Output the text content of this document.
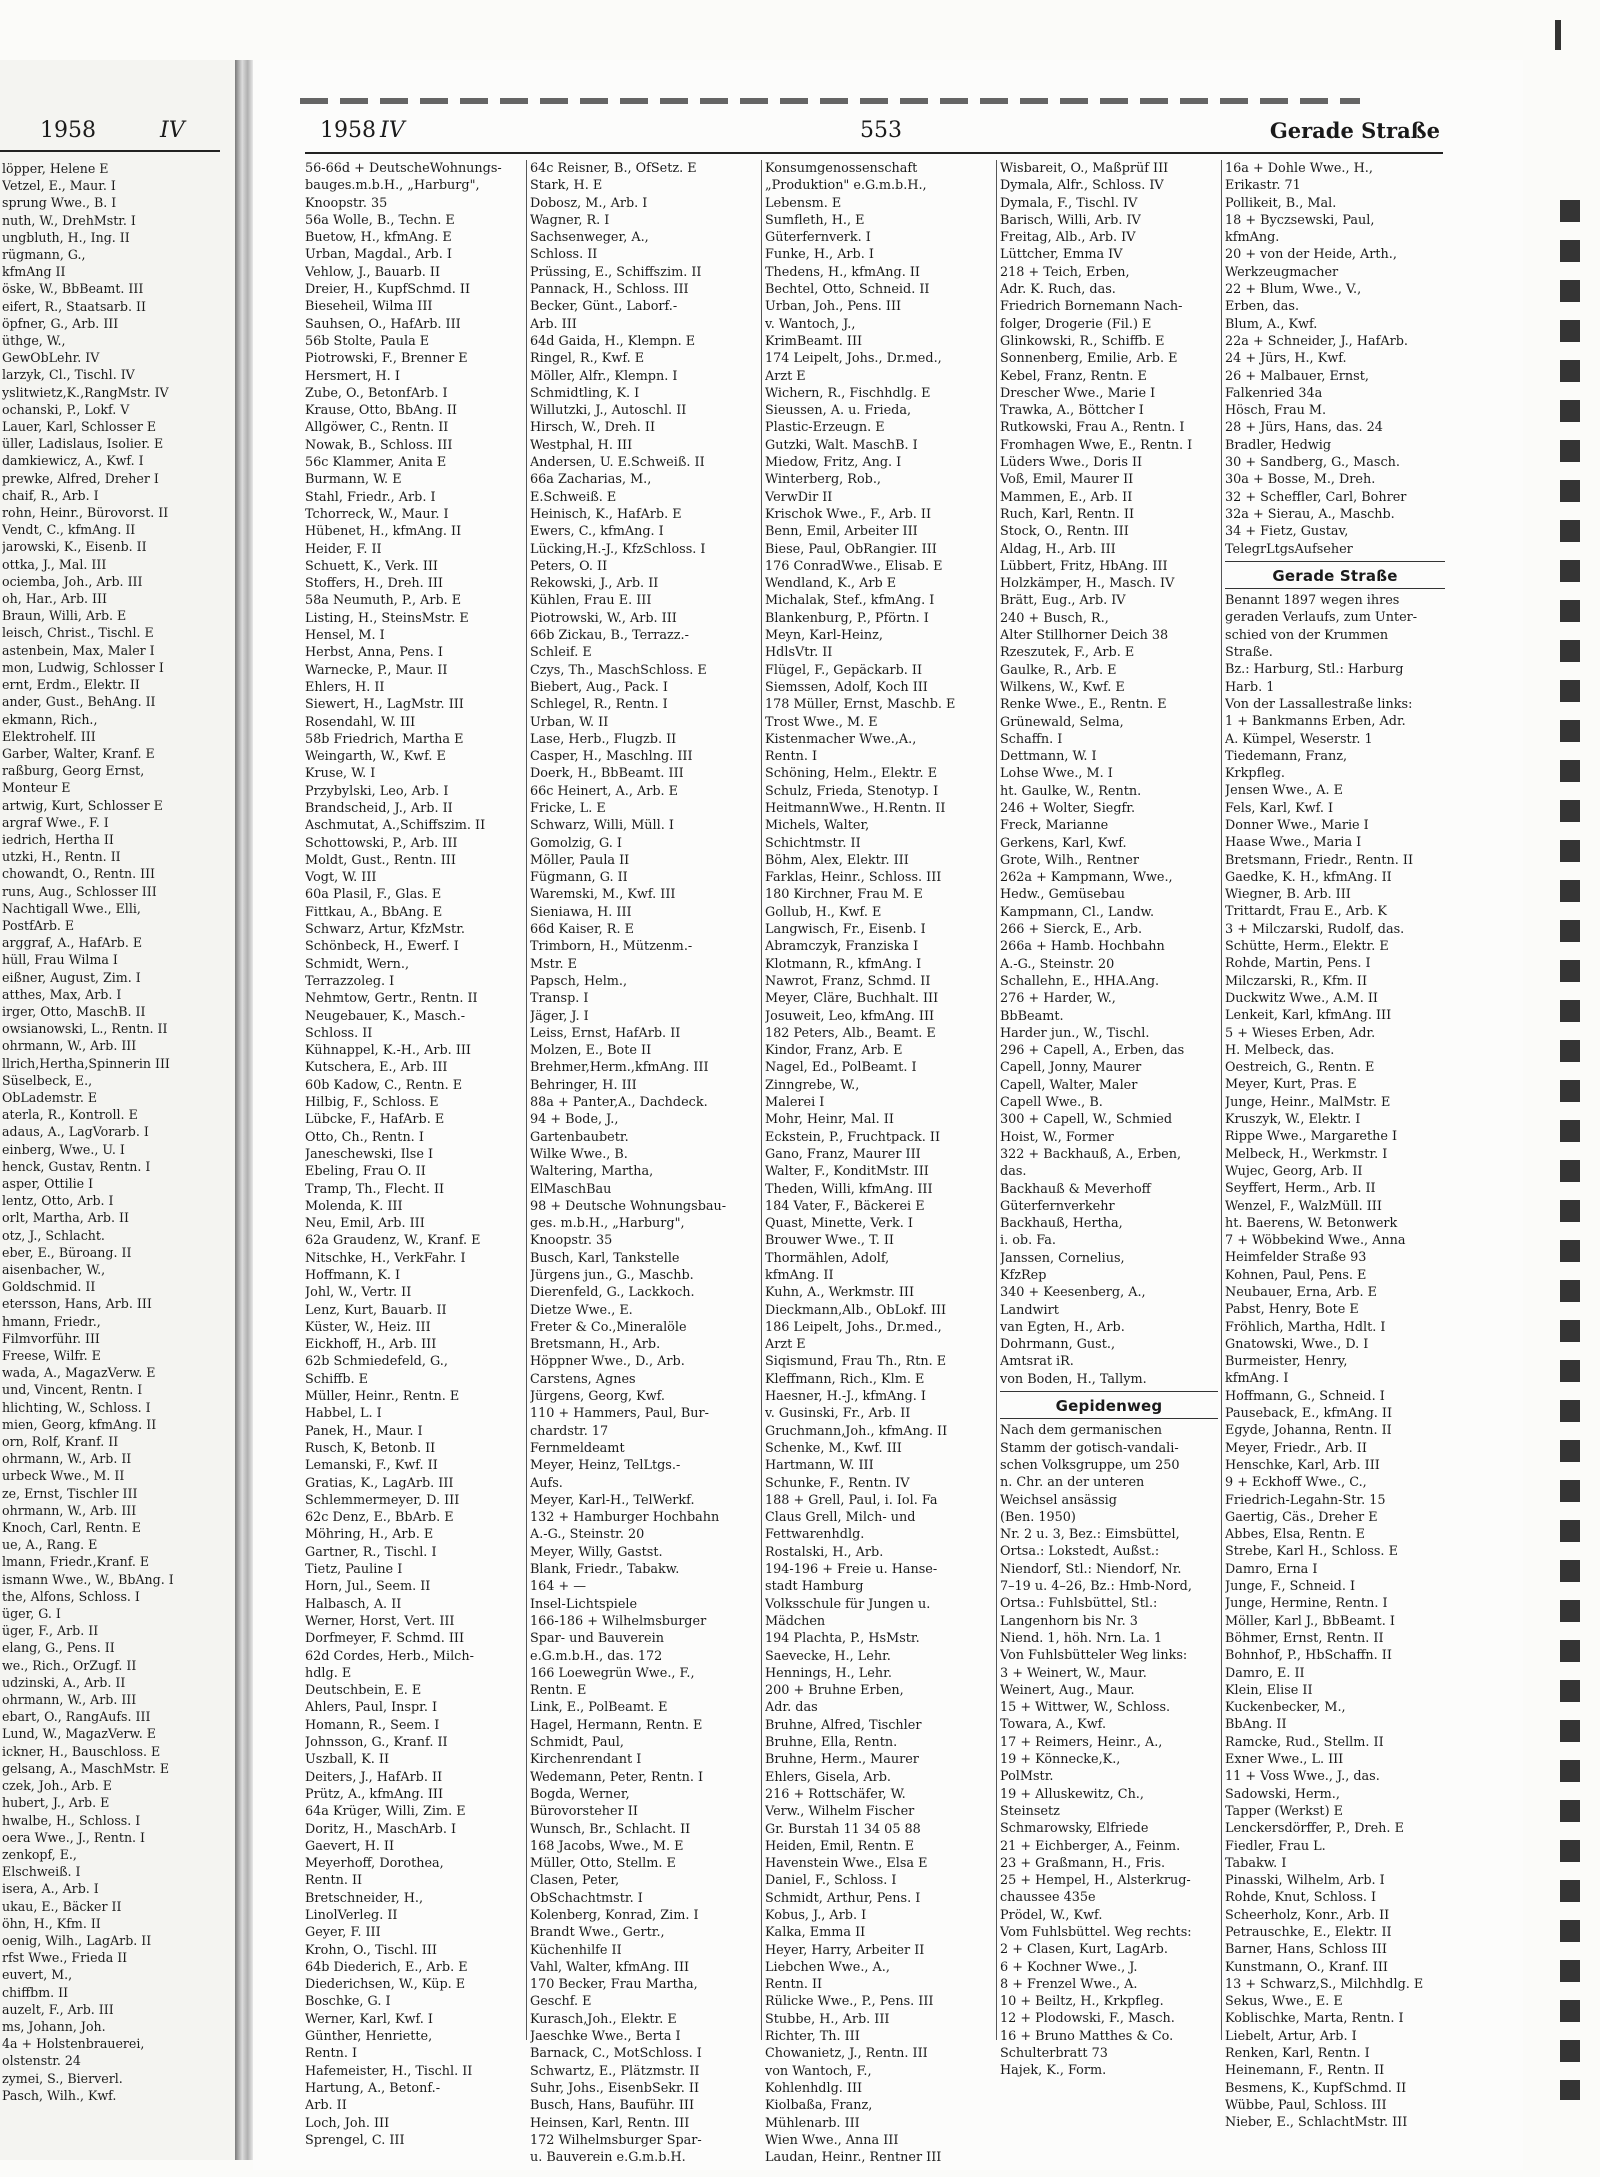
1958	IV
löpper, Helene E
Vetzel, E., Maur. I
sprung Wwe., B. I
nuth, W., DrehMstr. I
ungbluth, H., Ing. II
rügmann, G.,
kfmAng II
öske, W., BbBeamt. III
eifert, R., Staatsarb. II
öpfner, G., Arb. III
üthge, W.,
GewObLehr. IV
larzyk, Cl., Tischl. IV
yslitwietz,K.,RangMstr. IV
ochanski, P., Lokf. V
Lauer, Karl, Schlosser E
üller, Ladislaus, Isolier. E
damkiewicz, A., Kwf. I
prewke, Alfred, Dreher I
chaif, R., Arb. I
rohn, Heinr., Bürovorst. II
Vendt, C., kfmAng. II
jarowski, K., Eisenb. II
ottka, J., Mal. III
ociemba, Joh., Arb. III
oh, Har., Arb. III
Braun, Willi, Arb. E
leisch, Christ., Tischl. E
astenbein, Max, Maler I
mon, Ludwig, Schlosser I
ernt, Erdm., Elektr. II
ander, Gust., BehAng. II
ekmann, Rich.,
Elektrohelf. III
Garber, Walter, Kranf. E
raßburg, Georg Ernst,
Monteur E
artwig, Kurt, Schlosser E
argraf Wwe., F. I
iedrich, Hertha II
utzki, H., Rentn. II
chowandt, O., Rentn. III
runs, Aug., Schlosser III
Nachtigall Wwe., Elli,
PostfArb. E
arggraf, A., HafArb. E
hüll, Frau Wilma I
eißner, August, Zim. I
atthes, Max, Arb. I
irger, Otto, MaschB. II
owsianowski, L., Rentn. II
ohrmann, W., Arb. III
llrich,Hertha,Spinnerin III
Süselbeck, E.,
ObLademstr. E
aterla, R., Kontroll. E
adaus, A., LagVorarb. I
einberg, Wwe., U. I
henck, Gustav, Rentn. I
asper, Ottilie I
lentz, Otto, Arb. I
orlt, Martha, Arb. II
otz, J., Schlacht.
eber, E., Büroang. II
aisenbacher, W.,
Goldschmid. II
etersson, Hans, Arb. III
hmann, Friedr.,
Filmvorführ. III
Freese, Wilfr. E
wada, A., MagazVerw. E
und, Vincent, Rentn. I
hlichting, W., Schloss. I
mien, Georg, kfmAng. II
orn, Rolf, Kranf. II
ohrmann, W., Arb. II
urbeck Wwe., M. II
ze, Ernst, Tischler III
ohrmann, W., Arb. III
Knoch, Carl, Rentn. E
ue, A., Rang. E
lmann, Friedr.,Kranf. E
ismann Wwe., W., BbAng. I
the, Alfons, Schloss. I
üger, G. I
üger, F., Arb. II
elang, G., Pens. II
we., Rich., OrZugf. II
udzinski, A., Arb. II
ohrmann, W., Arb. III
ebart, O., RangAufs. III
Lund, W., MagazVerw. E
ickner, H., Bauschloss. E
gelsang, A., MaschMstr. E
czek, Joh., Arb. E
hubert, J., Arb. E
hwalbe, H., Schloss. I
oera Wwe., J., Rentn. I
zenkopf, E.,
Elschweiß. I
isera, A., Arb. I
ukau, E., Bäcker II
öhn, H., Kfm. II
oenig, Wilh., LagArb. II
rfst Wwe., Frieda II
euvert, M.,
chiffbm. II
auzelt, F., Arb. III
ms, Johann, Joh.
4a + Holstenbrauerei,
olstenstr. 24
zymei, S., Bierverl.
Pasch, Wilh., Kwf.
1958 IV	553	Gerade Straße
56-66d + DeutscheWohnungs-
bauges.m.b.H., „Harburg",
Knoopstr. 35
56a Wolle, B., Techn. E
Buetow, H., kfmAng. E
Urban, Magdal., Arb. I
Vehlow, J., Bauarb. II
Dreier, H., KupfSchmd. II
Bieseheil, Wilma III
Sauhsen, O., HafArb. III
56b Stolte, Paula E
Piotrowski, F., Brenner E
Hersmert, H. I
Zube, O., BetonfArb. I
Krause, Otto, BbAng. II
Allgöwer, C., Rentn. II
Nowak, B., Schloss. III
56c Klammer, Anita E
Burmann, W. E
Stahl, Friedr., Arb. I
Tchorreck, W., Maur. I
Hübenet, H., kfmAng. II
Heider, F. II
Schuett, K., Verk. III
Stoffers, H., Dreh. III
58a Neumuth, P., Arb. E
Listing, H., SteinsMstr. E
Hensel, M. I
Herbst, Anna, Pens. I
Warnecke, P., Maur. II
Ehlers, H. II
Siewert, H., LagMstr. III
Rosendahl, W. III
58b Friedrich, Martha E
Weingarth, W., Kwf. E
Kruse, W. I
Przybylski, Leo, Arb. I
Brandscheid, J., Arb. II
Aschmutat, A.,Schiffszim. II
Schottowski, P., Arb. III
Moldt, Gust., Rentn. III
Vogt, W. III
60a Plasil, F., Glas. E
Fittkau, A., BbAng. E
Schwarz, Artur, KfzMstr.
Schönbeck, H., Ewerf. I
Schmidt, Wern.,
Terrazzoleg. I
Nehmtow, Gertr., Rentn. II
Neugebauer, K., Masch.-
Schloss. II
Kühnappel, K.-H., Arb. III
Kutschera, E., Arb. III
60b Kadow, C., Rentn. E
Hilbig, F., Schloss. E
Lübcke, F., HafArb. E
Otto, Ch., Rentn. I
Janeschewski, Ilse I
Ebeling, Frau O. II
Tramp, Th., Flecht. II
Molenda, K. III
Neu, Emil, Arb. III
62a Graudenz, W., Kranf. E
Nitschke, H., VerkFahr. I
Hoffmann, K. I
Johl, W., Vertr. II
Lenz, Kurt, Bauarb. II
Küster, W., Heiz. III
Eickhoff, H., Arb. III
62b Schmiedefeld, G.,
Schiffb. E
Müller, Heinr., Rentn. E
Habbel, L. I
Panek, H., Maur. I
Rusch, K, Betonb. II
Lemanski, F., Kwf. II
Gratias, K., LagArb. III
Schlemmermeyer, D. III
62c Denz, E., BbArb. E
Möhring, H., Arb. E
Gartner, R., Tischl. I
Tietz, Pauline I
Horn, Jul., Seem. II
Halbasch, A. II
Werner, Horst, Vert. III
Dorfmeyer, F. Schmd. III
62d Cordes, Herb., Milch-
hdlg. E
Deutschbein, E. E
Ahlers, Paul, Inspr. I
Homann, R., Seem. I
Johnsson, G., Kranf. II
Uszball, K. II
Deiters, J., HafArb. II
Prütz, A., kfmAng. III
64a Krüger, Willi, Zim. E
Doritz, H., MaschArb. I
Gaevert, H. II
Meyerhoff, Dorothea,
Rentn. II
Bretschneider, H.,
LinolVerleg. II
Geyer, F. III
Krohn, O., Tischl. III
64b Diederich, E., Arb. E
Diederichsen, W., Küp. E
Boschke, G. I
Werner, Karl, Kwf. I
Günther, Henriette,
Rentn. I
Hafemeister, H., Tischl. II
Hartung, A., Betonf.-
Arb. II
Loch, Joh. III
Sprengel, C. III
64c Reisner, B., OfSetz. E
Stark, H. E
Dobosz, M., Arb. I
Wagner, R. I
Sachsenweger, A.,
Schloss. II
Prüssing, E., Schiffszim. II
Pannack, H., Schloss. III
Becker, Günt., Laborf.-
Arb. III
64d Gaida, H., Klempn. E
Ringel, R., Kwf. E
Möller, Alfr., Klempn. I
Schmidtling, K. I
Willutzki, J., Autoschl. II
Hirsch, W., Dreh. II
Westphal, H. III
Andersen, U. E.Schweiß. II
66a Zacharias, M.,
E.Schweiß. E
Heinisch, K., HafArb. E
Ewers, C., kfmAng. I
Lücking,H.-J., KfzSchloss. I
Peters, O. II
Rekowski, J., Arb. II
Kühlen, Frau E. III
Piotrowski, W., Arb. III
66b Zickau, B., Terrazz.-
Schleif. E
Czys, Th., MaschSchloss. E
Biebert, Aug., Pack. I
Schlegel, R., Rentn. I
Urban, W. II
Lase, Herb., Flugzb. II
Casper, H., Maschlng. III
Doerk, H., BbBeamt. III
66c Heinert, A., Arb. E
Fricke, L. E
Schwarz, Willi, Müll. I
Gomolzig, G. I
Möller, Paula II
Fügmann, G. II
Waremski, M., Kwf. III
Sieniawa, H. III
66d Kaiser, R. E
Trimborn, H., Mützenm.-
Mstr. E
Papsch, Helm.,
Transp. I
Jäger, J. I
Leiss, Ernst, HafArb. II
Molzen, E., Bote II
Brehmer,Herm.,kfmAng. III
Behringer, H. III
88a + Panter,A., Dachdeck.
94 + Bode, J.,
Gartenbaubetr.
Wilke Wwe., B.
Waltering, Martha,
ElMaschBau
98 + Deutsche Wohnungsbau-
ges. m.b.H., „Harburg",
Knoopstr. 35
Busch, Karl, Tankstelle
Jürgens jun., G., Maschb.
Dierenfeld, G., Lackkoch.
Dietze Wwe., E.
Freter & Co.,Mineralöle
Bretsmann, H., Arb.
Höppner Wwe., D., Arb.
Carstens, Agnes
Jürgens, Georg, Kwf.
110 + Hammers, Paul, Bur-
chardstr. 17
Fernmeldeamt
Meyer, Heinz, TelLtgs.-
Aufs.
Meyer, Karl-H., TelWerkf.
132 + Hamburger Hochbahn
A.-G., Steinstr. 20
Meyer, Willy, Gastst.
Blank, Friedr., Tabakw.
164 + —
Insel-Lichtspiele
166-186 + Wilhelmsburger
Spar- und Bauverein
e.G.m.b.H., das. 172
166 Loewegrün Wwe., F.,
Rentn. E
Link, E., PolBeamt. E
Hagel, Hermann, Rentn. E
Schmidt, Paul,
Kirchenrendant I
Wedemann, Peter, Rentn. I
Bogda, Werner,
Bürovorsteher II
Wunsch, Br., Schlacht. II
168 Jacobs, Wwe., M. E
Müller, Otto, Stellm. E
Clasen, Peter,
ObSchachtmstr. I
Kolenberg, Konrad, Zim. I
Brandt Wwe., Gertr.,
Küchenhilfe II
Vahl, Walter, kfmAng. III
170 Becker, Frau Martha,
Geschf. E
Kurasch,Joh., Elektr. E
Jaeschke Wwe., Berta I
Barnack, C., MotSchloss. I
Schwartz, E., Plätzmstr. II
Suhr, Johs., EisenbSekr. II
Busch, Hans, Bauführ. III
Heinsen, Karl, Rentn. III
172 Wilhelmsburger Spar-
u. Bauverein e.G.m.b.H.
Konsumgenossenschaft
„Produktion" e.G.m.b.H.,
Lebensm. E
Sumfleth, H., E
Güterfernverk. I
Funke, H., Arb. I
Thedens, H., kfmAng. II
Bechtel, Otto, Schneid. II
Urban, Joh., Pens. III
v. Wantoch, J.,
KrimBeamt. III
174 Leipelt, Johs., Dr.med.,
Arzt E
Wichern, R., Fischhdlg. E
Sieussen, A. u. Frieda,
Plastic-Erzeugn. E
Gutzki, Walt. MaschB. I
Miedow, Fritz, Ang. I
Winterberg, Rob.,
VerwDir II
Krischok Wwe., F., Arb. II
Benn, Emil, Arbeiter III
Biese, Paul, ObRangier. III
176 ConradWwe., Elisab. E
Wendland, K., Arb E
Michalak, Stef., kfmAng. I
Blankenburg, P., Pförtn. I
Meyn, Karl-Heinz,
HdlsVtr. II
Flügel, F., Gepäckarb. II
Siemssen, Adolf, Koch III
178 Müller, Ernst, Maschb. E
Trost Wwe., M. E
Kistenmacher Wwe.,A.,
Rentn. I
Schöning, Helm., Elektr. E
Schulz, Frieda, Stenotyp. I
HeitmannWwe., H.Rentn. II
Michels, Walter,
Schichtmstr. II
Böhm, Alex, Elektr. III
Farklas, Heinr., Schloss. III
180 Kirchner, Frau M. E
Gollub, H., Kwf. E
Langwisch, Fr., Eisenb. I
Abramczyk, Franziska I
Klotmann, R., kfmAng. I
Nawrot, Franz, Schmd. II
Meyer, Cläre, Buchhalt. III
Josuweit, Leo, kfmAng. III
182 Peters, Alb., Beamt. E
Kindor, Franz, Arb. E
Nagel, Ed., PolBeamt. I
Zinngrebe, W.,
Malerei I
Mohr, Heinr, Mal. II
Eckstein, P., Fruchtpack. II
Gano, Franz, Maurer III
Walter, F., KonditMstr. III
Theden, Willi, kfmAng. III
184 Vater, F., Bäckerei E
Quast, Minette, Verk. I
Brouwer Wwe., T. II
Thormählen, Adolf,
kfmAng. II
Kuhn, A., Werkmstr. III
Dieckmann,Alb., ObLokf. III
186 Leipelt, Johs., Dr.med.,
Arzt E
Siqismund, Frau Th., Rtn. E
Kleffmann, Rich., Klm. E
Haesner, H.-J., kfmAng. I
v. Gusinski, Fr., Arb. II
Gruchmann,Joh., kfmAng. II
Schenke, M., Kwf. III
Hartmann, W. III
Schunke, F., Rentn. IV
188 + Grell, Paul, i. Iol. Fa
Claus Grell, Milch- und
Fettwarenhdlg.
Rostalski, H., Arb.
194-196 + Freie u. Hanse-
stadt Hamburg
Volksschule für Jungen u.
Mädchen
194 Plachta, P., HsMstr.
Saevecke, H., Lehr.
Hennings, H., Lehr.
200 + Bruhne Erben,
Adr. das
Bruhne, Alfred, Tischler
Bruhne, Ella, Rentn.
Bruhne, Herm., Maurer
Ehlers, Gisela, Arb.
216 + Rottschäfer, W.
Verw., Wilhelm Fischer
Gr. Burstah 11 34 05 88
Heiden, Emil, Rentn. E
Havenstein Wwe., Elsa E
Daniel, F., Schloss. I
Schmidt, Arthur, Pens. I
Kobus, J., Arb. I
Kalka, Emma II
Heyer, Harry, Arbeiter II
Liebchen Wwe., A.,
Rentn. II
Rülicke Wwe., P., Pens. III
Stubbe, H., Arb. III
Richter, Th. III
Chowanietz, J., Rentn. III
von Wantoch, F.,
Kohlenhdlg. III
Kiolbaßa, Franz,
Mühlenarb. III
Wien Wwe., Anna III
Laudan, Heinr., Rentner III
Wisbareit, O., Maßprüf III
Dymala, Alfr., Schloss. IV
Dymala, F., Tischl. IV
Barisch, Willi, Arb. IV
Freitag, Alb., Arb. IV
Lüttcher, Emma IV
218 + Teich, Erben,
Adr. K. Ruch, das.
Friedrich Bornemann Nach-
folger, Drogerie (Fil.) E
Glinkowski, R., Schiffb. E
Sonnenberg, Emilie, Arb. E
Kebel, Franz, Rentn. E
Drescher Wwe., Marie I
Trawka, A., Böttcher I
Rutkowski, Frau A., Rentn. I
Fromhagen Wwe, E., Rentn. I
Lüders Wwe., Doris II
Voß, Emil, Maurer II
Mammen, E., Arb. II
Ruch, Karl, Rentn. II
Stock, O., Rentn. III
Aldag, H., Arb. III
Lübbert, Fritz, HbAng. III
Holzkämper, H., Masch. IV
Brätt, Eug., Arb. IV
240 + Busch, R.,
Alter Stillhorner Deich 38
Rzeszutek, F., Arb. E
Gaulke, R., Arb. E
Wilkens, W., Kwf. E
Renke Wwe., E., Rentn. E
Grünewald, Selma,
Schaffn. I
Dettmann, W. I
Lohse Wwe., M. I
ht. Gaulke, W., Rentn.
246 + Wolter, Siegfr.
Freck, Marianne
Gerkens, Karl, Kwf.
Grote, Wilh., Rentner
262a + Kampmann, Wwe.,
Hedw., Gemüsebau
Kampmann, Cl., Landw.
266 + Sierck, E., Arb.
266a + Hamb. Hochbahn
A.-G., Steinstr. 20
Schallehn, E., HHA.Ang.
276 + Harder, W.,
BbBeamt.
Harder jun., W., Tischl.
296 + Capell, A., Erben, das
Capell, Jonny, Maurer
Capell, Walter, Maler
Capell Wwe., B.
300 + Capell, W., Schmied
Hoist, W., Former
322 + Backhauß, A., Erben,
das.
Backhauß & Meverhoff
Güterfernverkehr
Backhauß, Hertha,
i. ob. Fa.
Janssen, Cornelius,
KfzRep
340 + Keesenberg, A.,
Landwirt
van Egten, H., Arb.
Dohrmann, Gust.,
Amtsrat iR.
von Boden, H., Tallym.
Gepidenweg
Nach dem germanischen
Stamm der gotisch-vandali-
schen Volksgruppe, um 250
n. Chr. an der unteren
Weichsel ansässig
(Ben. 1950)
Nr. 2 u. 3, Bez.: Eimsbüttel,
Ortsa.: Lokstedt, Außst.:
Niendorf, Stl.: Niendorf, Nr.
7–19 u. 4–26, Bz.: Hmb-Nord,
Ortsa.: Fuhlsbüttel, Stl.:
Langenhorn bis Nr. 3
Niend. 1, höh. Nrn. La. 1
Von Fuhlsbütteler Weg links:
3 + Weinert, W., Maur.
Weinert, Aug., Maur.
15 + Wittwer, W., Schloss.
Towara, A., Kwf.
17 + Reimers, Heinr., A.,
19 + Könnecke,K.,
PolMstr.
19 + Alluskewitz, Ch.,
Steinsetz
Schmarowsky, Elfriede
21 + Eichberger, A., Feinm.
23 + Graßmann, H., Fris.
25 + Hempel, H., Alsterkrug-
chaussee 435e
Prödel, W., Kwf.
Vom Fuhlsbüttel. Weg rechts:
2 + Clasen, Kurt, LagArb.
6 + Kochner Wwe., J.
8 + Frenzel Wwe., A.
10 + Beiltz, H., Krkpfleg.
12 + Plodowski, F., Masch.
16 + Bruno Matthes & Co.
Schulterbratt 73
Hajek, K., Form.
16a + Dohle Wwe., H.,
Erikastr. 71
Pollikeit, B., Mal.
18 + Byczsewski, Paul,
kfmAng.
20 + von der Heide, Arth.,
Werkzeugmacher
22 + Blum, Wwe., V.,
Erben, das.
Blum, A., Kwf.
22a + Schneider, J., HafArb.
24 + Jürs, H., Kwf.
26 + Malbauer, Ernst,
Falkenried 34a
Hösch, Frau M.
28 + Jürs, Hans, das. 24
Bradler, Hedwig
30 + Sandberg, G., Masch.
30a + Bosse, M., Dreh.
32 + Scheffler, Carl, Bohrer
32a + Sierau, A., Maschb.
34 + Fietz, Gustav,
TelegrLtgsAufseher
Gerade Straße
Benannt 1897 wegen ihres
geraden Verlaufs, zum Unter-
schied von der Krummen
Straße.
Bz.: Harburg, Stl.: Harburg
Harb. 1
Von der Lassallestraße links:
1 + Bankmanns Erben, Adr.
A. Kümpel, Weserstr. 1
Tiedemann, Franz,
Krkpfleg.
Jensen Wwe., A. E
Fels, Karl, Kwf. I
Donner Wwe., Marie I
Haase Wwe., Maria I
Bretsmann, Friedr., Rentn. II
Gaedke, K. H., kfmAng. II
Wiegner, B. Arb. III
Trittardt, Frau E., Arb. K
3 + Milczarski, Rudolf, das.
Schütte, Herm., Elektr. E
Rohde, Martin, Pens. I
Milczarski, R., Kfm. II
Duckwitz Wwe., A.M. II
Lenkeit, Karl, kfmAng. III
5 + Wieses Erben, Adr.
H. Melbeck, das.
Oestreich, G., Rentn. E
Meyer, Kurt, Pras. E
Junge, Heinr., MalMstr. E
Kruszyk, W., Elektr. I
Rippe Wwe., Margarethe I
Melbeck, H., Werkmstr. I
Wujec, Georg, Arb. II
Seyffert, Herm., Arb. II
Wenzel, F., WalzMüll. III
ht. Baerens, W. Betonwerk
7 + Wöbbekind Wwe., Anna
Heimfelder Straße 93
Kohnen, Paul, Pens. E
Neubauer, Erna, Arb. E
Pabst, Henry, Bote E
Fröhlich, Martha, Hdlt. I
Gnatowski, Wwe., D. I
Burmeister, Henry,
kfmAng. I
Hoffmann, G., Schneid. I
Pauseback, E., kfmAng. II
Egyde, Johanna, Rentn. II
Meyer, Friedr., Arb. II
Henschke, Karl, Arb. III
9 + Eckhoff Wwe., C.,
Friedrich-Legahn-Str. 15
Gaertig, Cäs., Dreher E
Abbes, Elsa, Rentn. E
Strebe, Karl H., Schloss. E
Damro, Erna I
Junge, F., Schneid. I
Junge, Hermine, Rentn. I
Möller, Karl J., BbBeamt. I
Böhmer, Ernst, Rentn. II
Bohnhof, P., HbSchaffn. II
Damro, E. II
Klein, Elise II
Kuckenbecker, M.,
BbAng. II
Ramcke, Rud., Stellm. II
Exner Wwe., L. III
11 + Voss Wwe., J., das.
Sadowski, Herm.,
Tapper (Werkst) E
Lenckersdörffer, P., Dreh. E
Fiedler, Frau L.
Tabakw. I
Pinasski, Wilhelm, Arb. I
Rohde, Knut, Schloss. I
Scheerholz, Konr., Arb. II
Petrauschke, E., Elektr. II
Barner, Hans, Schloss III
Kunstmann, O., Kranf. III
13 + Schwarz,S., Milchhdlg. E
Sekus, Wwe., E. E
Koblischke, Marta, Rentn. I
Liebelt, Artur, Arb. I
Renken, Karl, Rentn. I
Heinemann, F., Rentn. II
Besmens, K., KupfSchmd. II
Wübbe, Paul, Schloss. III
Nieber, E., SchlachtMstr. III
